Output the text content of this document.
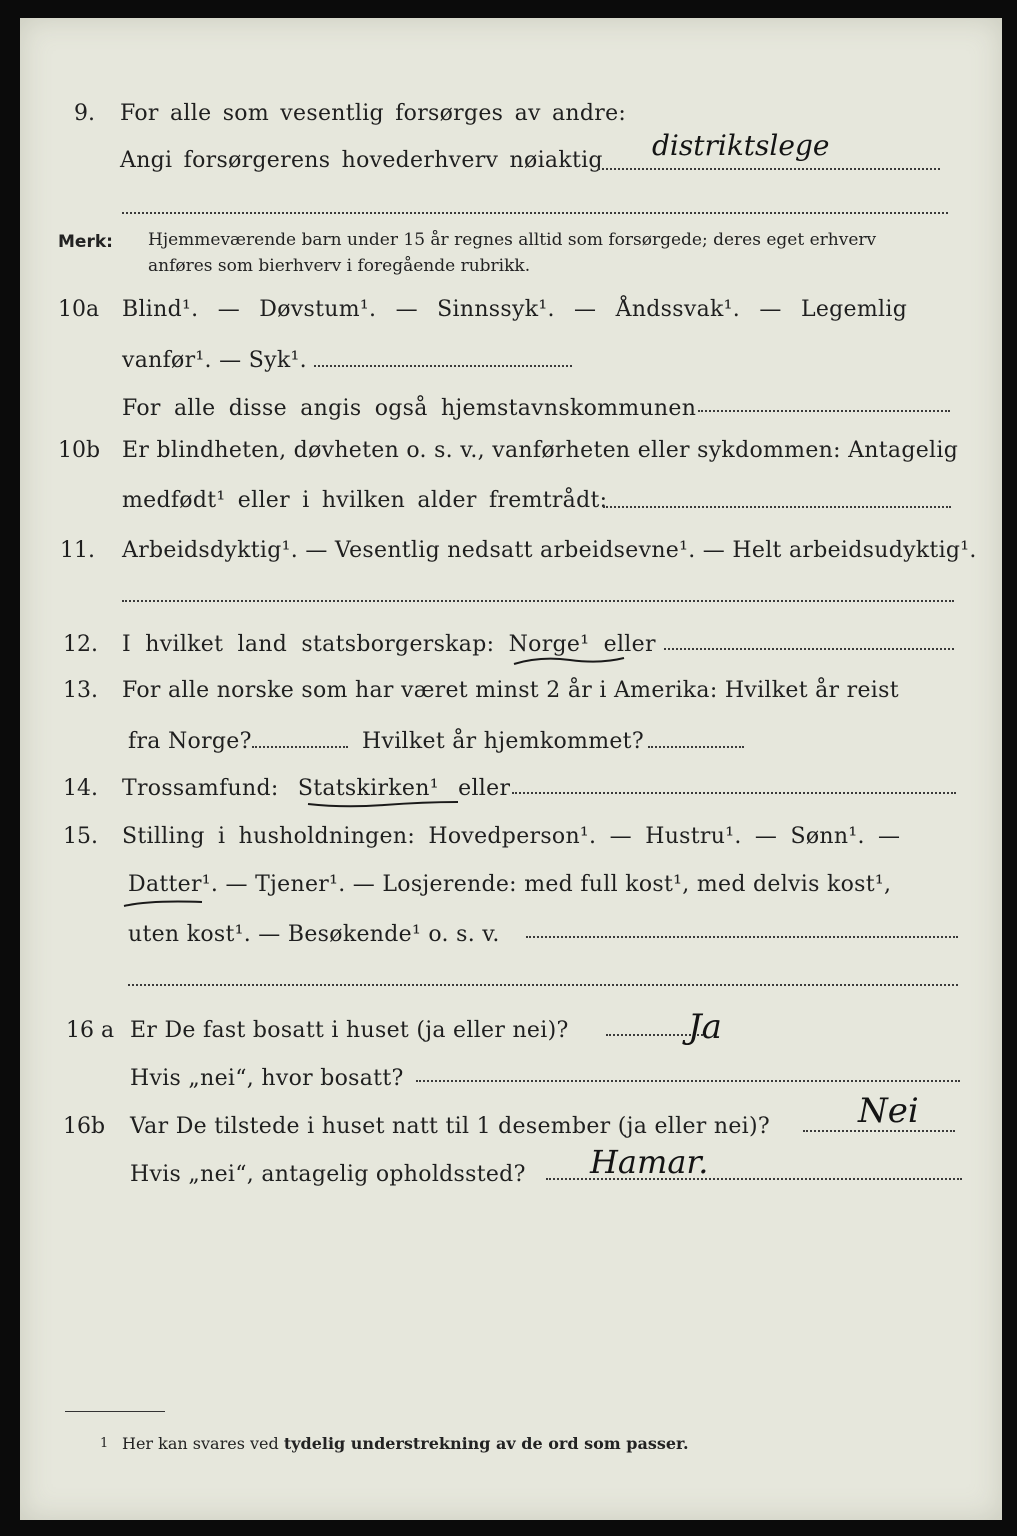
9. For alle som vesentlig forsørges av andre:
Angi forsørgerens hovederhverv nøiaktig distriktslege
Merk: Hjemmeværende barn under 15 år regnes alltid som forsørgede; deres eget erhverv
anføres som bierhverv i foregående rubrikk.
10a Blind¹. — Døvstum¹. — Sinnssyk¹. — Åndssvak¹. — Legemlig
vanfør¹. — Syk¹.
For alle disse angis også hjemstavnskommunen
10b Er blindheten, døvheten o. s. v., vanførheten eller sykdommen: Antagelig
medfødt¹ eller i hvilken alder fremtrådt:
11. Arbeidsdyktig¹. — Vesentlig nedsatt arbeidsevne¹. — Helt arbeidsudyktig¹.
12. I hvilket land statsborgerskap: Norge¹ eller
13. For alle norske som har været minst 2 år i Amerika: Hvilket år reist
fra Norge?	Hvilket år hjemkommet?
14. Trossamfund: Statskirken¹ eller
15. Stilling i husholdningen: Hovedperson¹. — Hustru¹. — Sønn¹. —
Datter¹. — Tjener¹. — Losjerende: med full kost¹, med delvis kost¹,
uten kost¹. — Besøkende¹ o. s. v.
16 a Er De fast bosatt i huset (ja eller nei)?	Ja
Hvis „nei“, hvor bosatt?
16b Var De tilstede i huset natt til 1 desember (ja eller nei)?	Nei
Hvis „nei“, antagelig opholdssted? Hamar.
1 Her kan svares ved tydelig understrekning av de ord som passer.
